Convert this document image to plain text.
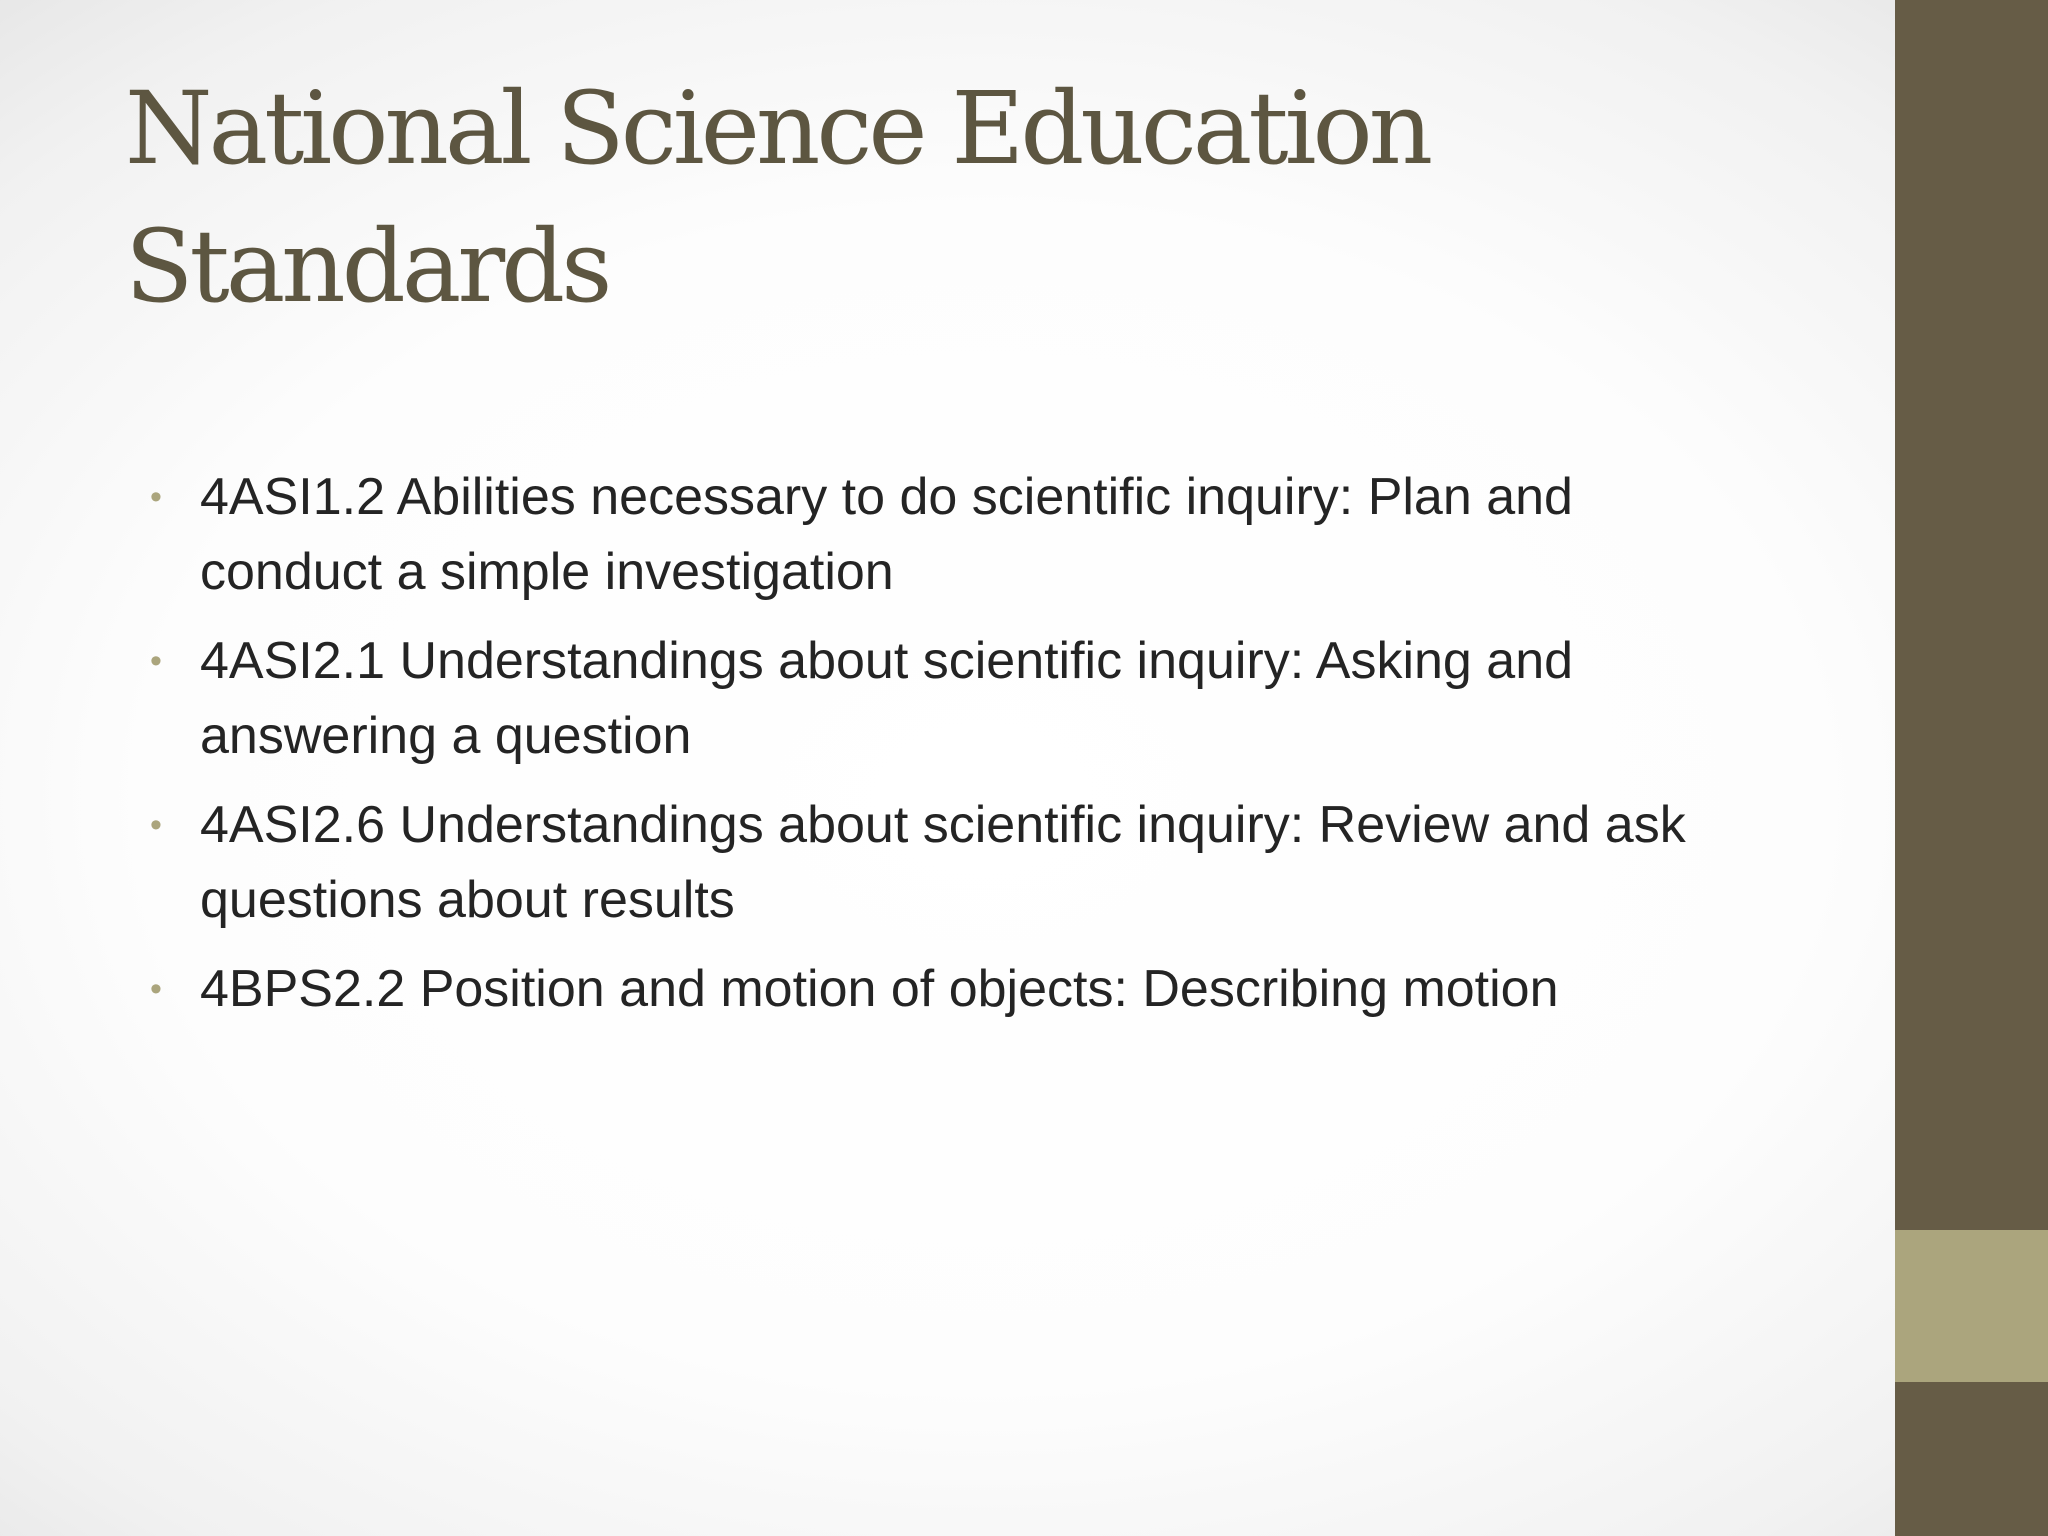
National Science Education Standards
• 4ASI1.2 Abilities necessary to do scientific inquiry: Plan and conduct a simple investigation
• 4ASI2.1 Understandings about scientific inquiry: Asking and answering a question
• 4ASI2.6 Understandings about scientific inquiry: Review and ask questions about results
• 4BPS2.2 Position and motion of objects: Describing motion
